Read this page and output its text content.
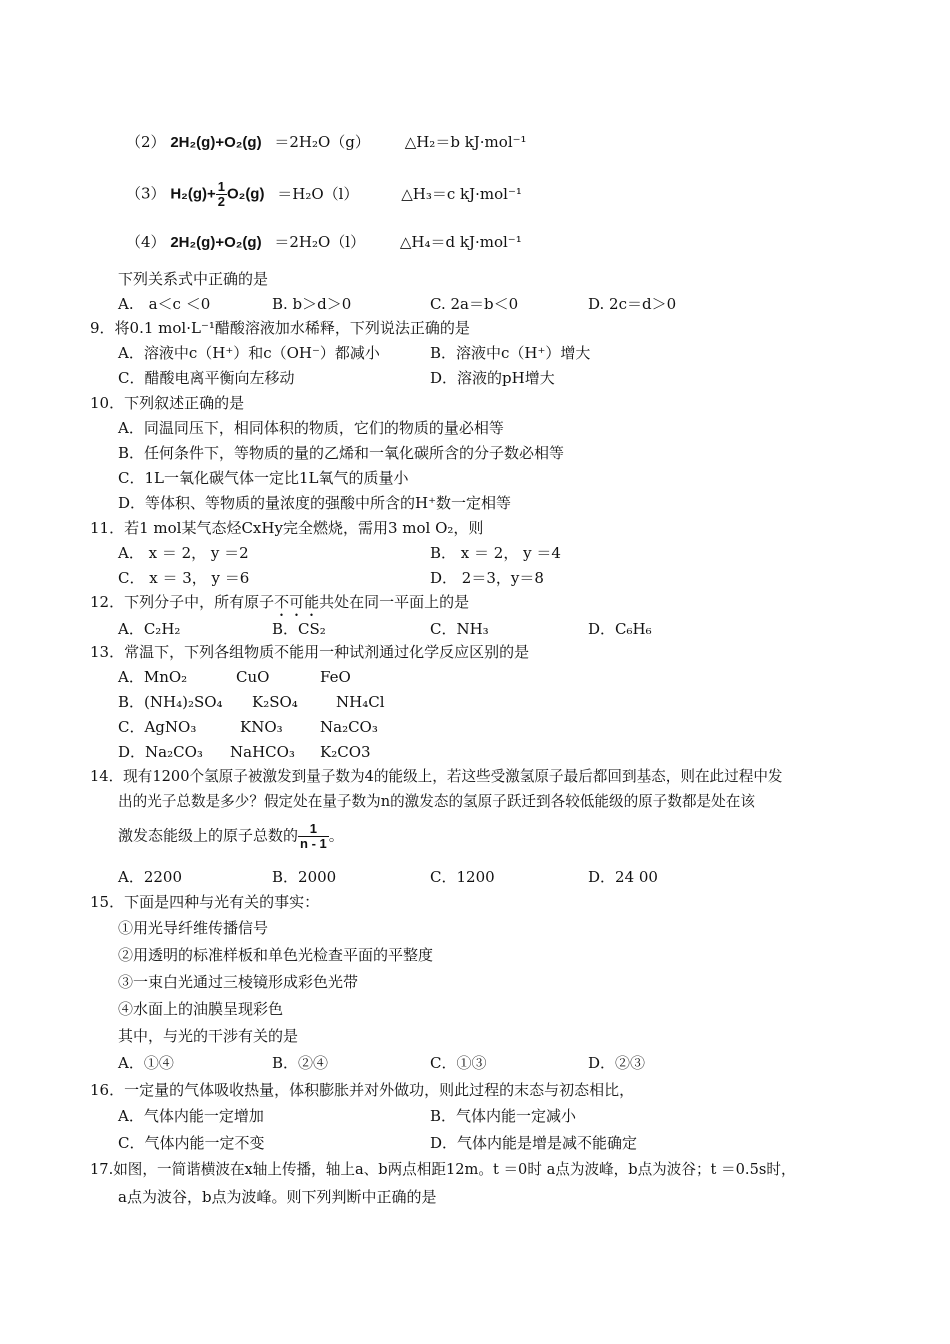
（2） 2H₂(g)+O₂(g) ＝2H₂O（g） △H₂＝b kJ·mol⁻¹
（3） $H_2(g)+ \frac{1}{2} O_2(g) =H_2O(l)$	△H₃＝c kJ·mol⁻¹
（4） 2H₂(g)+O₂(g) ＝2H₂O（l） △H₄＝d kJ·mol⁻¹
下列关系式中正确的是
A.　a＜c ＜0	B. b＞d＞0	C. 2a＝b＜0	D. 2c＝d＞0
9．将0.1 mol·L⁻¹醋酸溶液加水稀释，下列说法正确的是
A．溶液中c（H⁺）和c（OH⁻）都减小	B．溶液中c（H⁺）增大
C．醋酸电离平衡向左移动	D．溶液的pH增大
10．下列叙述正确的是
A．同温同压下，相同体积的物质，它们的物质的量必相等
B．任何条件下，等物质的量的乙烯和一氧化碳所含的分子数必相等
C．1L一氧化碳气体一定比1L氧气的质量小
D．等体积、等物质的量浓度的强酸中所含的H⁺数一定相等
11．若1 mol某气态烃CxHy完全燃烧，需用3 mol O₂，则
A． x ＝ 2， y ＝2	B． x ＝ 2， y ＝4
C． x ＝ 3， y ＝6	D． 2＝3，y＝8
12．下列分子中，所有原子不可能共处在同一平面上的是
A．C₂H₂	B．CS₂	C．NH₃	D．C₆H₆
13．常温下，下列各组物质不能用一种试剂通过化学反应区别的是
A．MnO₂	CuO	FeO
B．(NH₄)₂SO₄ K₂SO₄	NH₄Cl
C．AgNO₃	KNO₃ Na₂CO₃
D．Na₂CO₃ NaHCO₃ K₂CO3
14．现有1200个氢原子被激发到量子数为4的能级上，若这些受激氢原子最后都回到基态，则在此过程中发
出的光子总数是多少？假定处在量子数为n的激发态的氢原子跃迁到各较低能级的原子数都是处在该
激发态能级上的原子总数的 $\frac{1}{n - 1}$ 。
A．2200	B．2000	C．1200	D．24 00
15．下面是四种与光有关的事实：
①用光导纤维传播信号
②用透明的标准样板和单色光检查平面的平整度
③一束白光通过三棱镜形成彩色光带
④水面上的油膜呈现彩色
其中，与光的干涉有关的是
A．①④	B．②④	C．①③	D．②③
16．一定量的气体吸收热量，体积膨胀并对外做功，则此过程的末态与初态相比，
A．气体内能一定增加	B．气体内能一定减小
C．气体内能一定不变	D．气体内能是增是减不能确定
17.如图，一简谐横波在x轴上传播，轴上a、b两点相距12m。t ＝0时 a点为波峰，b点为波谷；t ＝0.5s时，
a点为波谷，b点为波峰。则下列判断中正确的是
